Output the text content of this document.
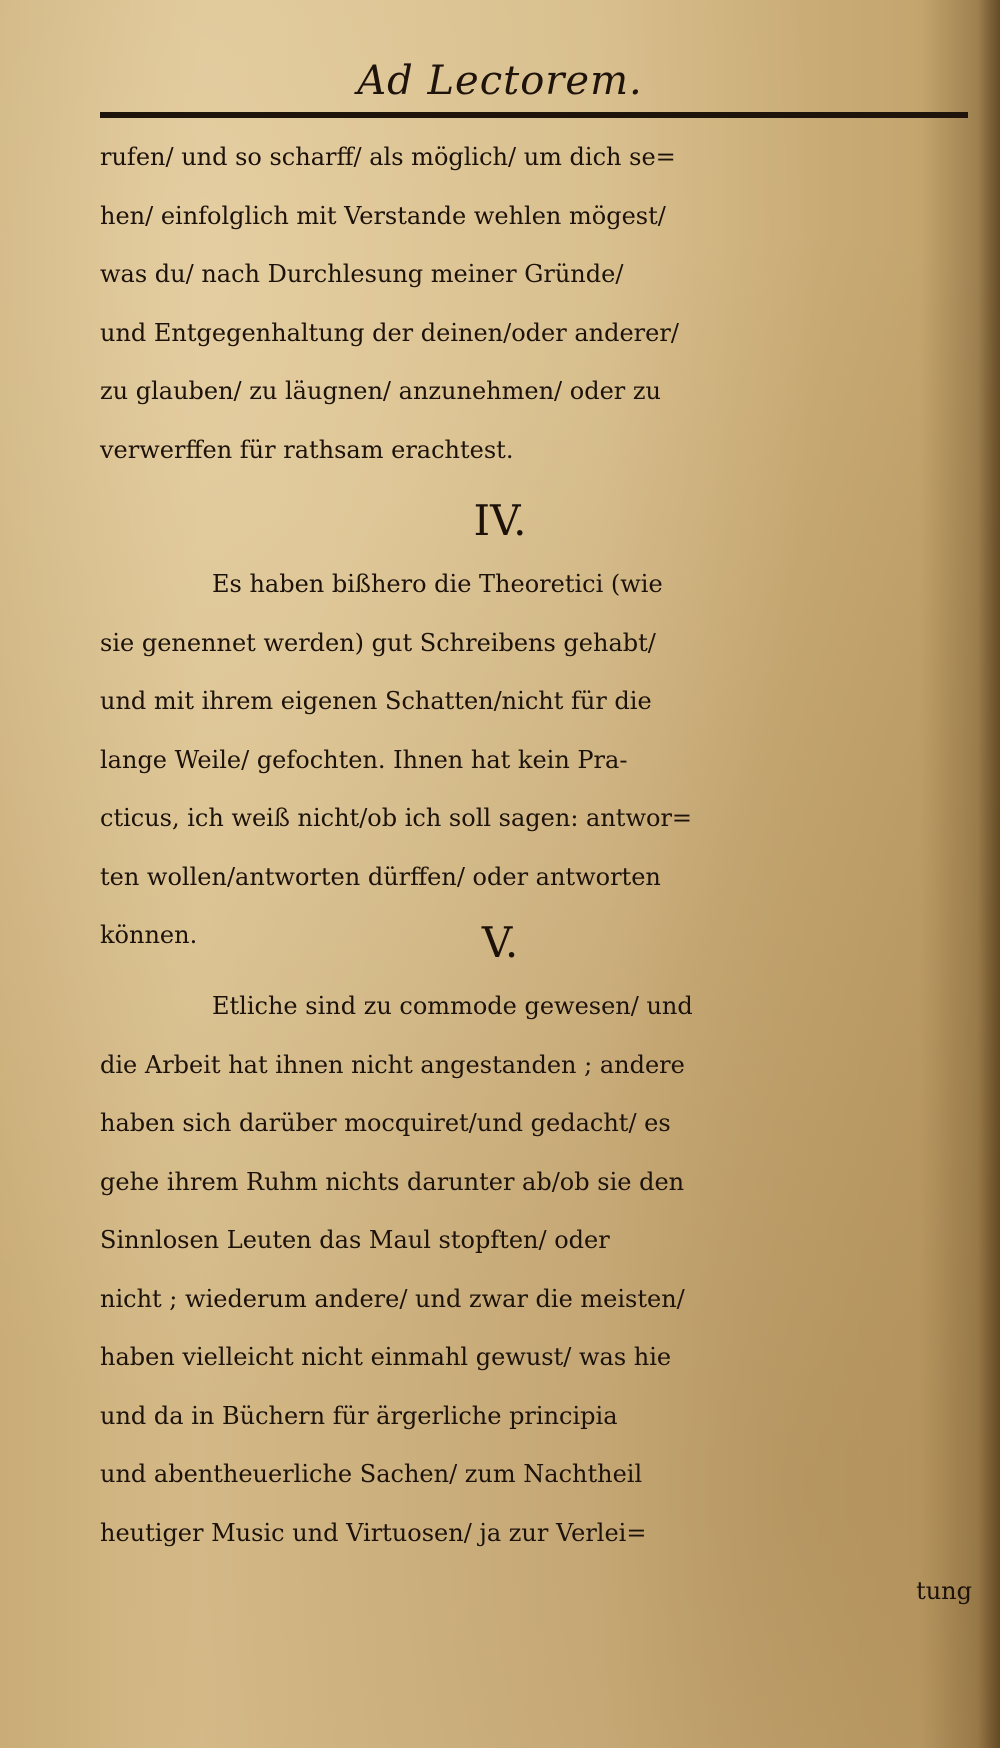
Ad Lectorem.
rufen/ und so scharff/ als möglich/ um dich se=
hen/ einfolglich mit Verstande wehlen mögest/
was du/ nach Durchlesung meiner Gründe/
und Entgegenhaltung der deinen/oder anderer/
zu glauben/ zu läugnen/ anzunehmen/ oder zu
verwerffen für rathsam erachtest.
IV.
Es haben bißhero die Theoretici (wie
sie genennet werden) gut Schreibens gehabt/
und mit ihrem eigenen Schatten/nicht für die
lange Weile/ gefochten. Ihnen hat kein Pra-
cticus, ich weiß nicht/ob ich soll sagen: antwor=
ten wollen/antworten dürffen/ oder antworten
können.	V.
Etliche sind zu commode gewesen/ und
die Arbeit hat ihnen nicht angestanden ; andere
haben sich darüber mocquiret/und gedacht/ es
gehe ihrem Ruhm nichts darunter ab/ob sie den
Sinnlosen Leuten das Maul stopften/ oder
nicht ; wiederum andere/ und zwar die meisten/
haben vielleicht nicht einmahl gewust/ was hie
und da in Büchern für ärgerliche principia
und abentheuerliche Sachen/ zum Nachtheil
heutiger Music und Virtuosen/ ja zur Verlei=
tung
